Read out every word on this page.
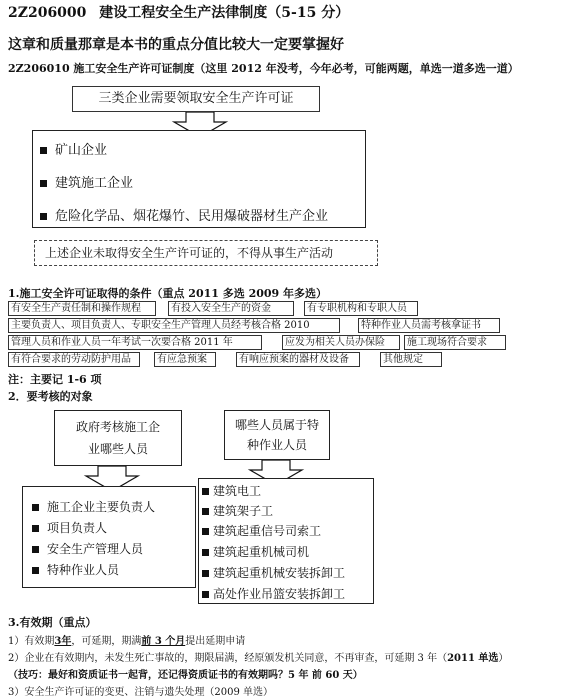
2Z206000 建设工程安全生产法律制度（5-15 分）
这章和质量那章是本书的重点分值比较大一定要掌握好
2Z206010 施工安全生产许可证制度（这里 2012 年没考，今年必考，可能两题，单选一道多选一道）
三类企业需要领取安全生产许可证
矿山企业
建筑施工企业
危险化学品、烟花爆竹、民用爆破器材生产企业
上述企业未取得安全生产许可证的，不得从事生产活动
1.施工安全许可证取得的条件（重点 2011 多选 2009 年多选）
有安全生产责任制和操作规程	有投入安全生产的资金	有专职机构和专职人员
主要负责人、项目负责人、专职安全生产管理人员经考核合格 2010	特种作业人员需考核拿证书
管理人员和作业人员一年考试一次要合格 2011 年	应发为相关人员办保险	施工现场符合要求
有符合要求的劳动防护用品	有应急预案	有响应预案的器材及设备	其他规定
注：主要记 1-6 项
2．要考核的对象
政府考核施工企
业哪些人员
哪些人员属于特
种作业人员
施工企业主要负责人
项目负责人
安全生产管理人员
特种作业人员
建筑电工
建筑架子工
建筑起重信号司索工
建筑起重机械司机
建筑起重机械安装拆卸工
高处作业吊篮安装拆卸工
3.有效期（重点）
1）有效期3年，可延期，期满前 3 个月提出延期申请
2）企业在有效期内，未发生死亡事故的，期限届满，经原颁发机关同意，不再审查，可延期 3 年（2011 单选）
（技巧：最好和资质证书一起背，还记得资质证书的有效期吗？5 年 前 60 天）
3）安全生产许可证的变更、注销与遗失处理（2009 单选）
